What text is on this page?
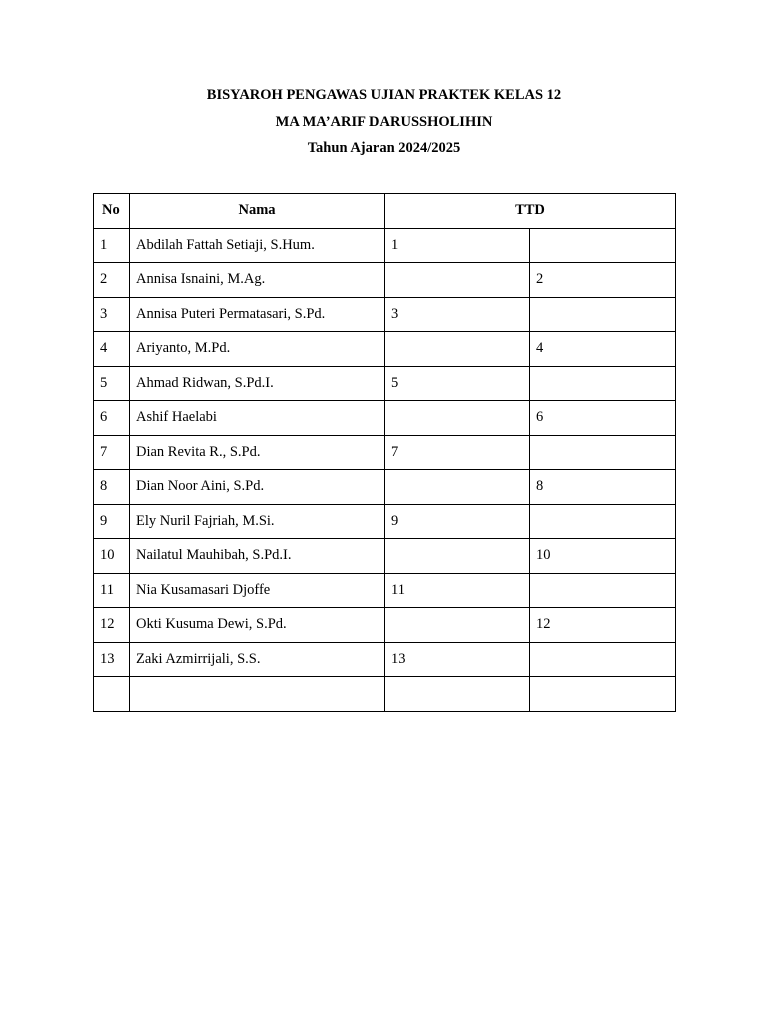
BISYAROH PENGAWAS UJIAN PRAKTEK KELAS 12
MA MA’ARIF DARUSSHOLIHIN
Tahun Ajaran 2024/2025
No	Nama	TTD	
1	Abdilah Fattah Setiaji, S.Hum.	1	
2	Annisa Isnaini, M.Ag.		2
3	Annisa Puteri Permatasari, S.Pd.	3	
4	Ariyanto, M.Pd.		4
5	Ahmad Ridwan, S.Pd.I.	5	
6	Ashif Haelabi		6
7	Dian Revita R., S.Pd.	7	
8	Dian Noor Aini, S.Pd.		8
9	Ely Nuril Fajriah, M.Si.	9	
10	Nailatul Mauhibah, S.Pd.I.		10
11	Nia Kusamasari Djoffe	11	
12	Okti Kusuma Dewi, S.Pd.		12
13	Zaki Azmirrijali, S.S.	13	
